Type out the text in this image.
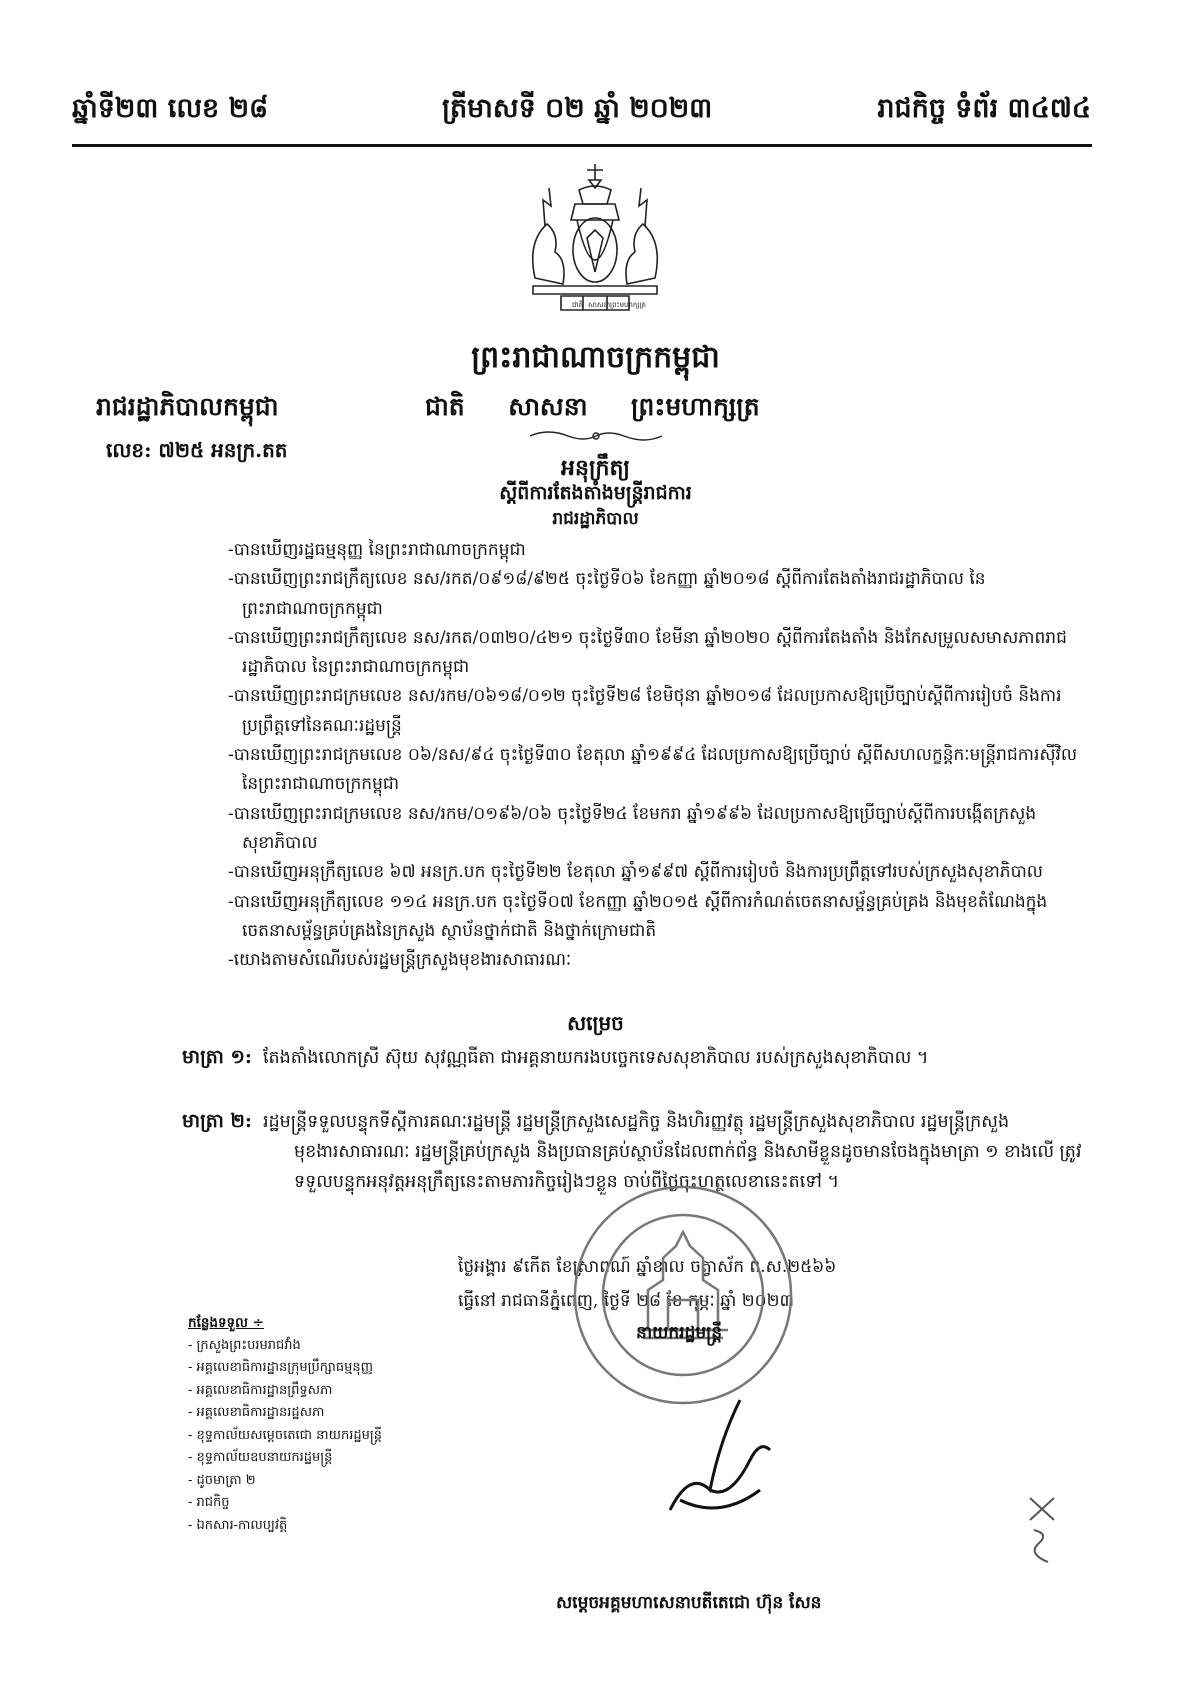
ឆ្នាំទី២៣ លេខ ២៨	ត្រីមាសទី ០២ ឆ្នាំ ២០២៣	រាជកិច្ច ទំព័រ ៣៤៧៤
ជាតិ សាសនា ព្រះមហាក្សត្រ
ព្រះរាជាណាចក្រកម្ពុជា
រាជរដ្ឋាភិបាលកម្ពុជា	ជាតិ     សាសនា     ព្រះមហាក្សត្រ
លេខ: ៧២៥ អនក្រ.តត
អនុក្រឹត្យ
ស្តីពីការតែងតាំងមន្ត្រីរាជការ
រាជរដ្ឋាភិបាល
-បានឃើញរដ្ឋធម្មនុញ្ញ នៃព្រះរាជាណាចក្រកម្ពុជា
-បានឃើញព្រះរាជក្រឹត្យលេខ នស/រកត/០៩១៨/៩២៥ ចុះថ្ងៃទី០៦ ខែកញ្ញា ឆ្នាំ២០១៨ ស្តីពីការតែងតាំងរាជរដ្ឋាភិបាល នៃព្រះរាជាណាចក្រកម្ពុជា
-បានឃើញព្រះរាជក្រឹត្យលេខ នស/រកត/០៣២០/៤២១ ចុះថ្ងៃទី៣០ ខែមីនា ឆ្នាំ២០២០ ស្តីពីការតែងតាំង និងកែសម្រួលសមាសភាពរាជរដ្ឋាភិបាល នៃព្រះរាជាណាចក្រកម្ពុជា
-បានឃើញព្រះរាជក្រមលេខ នស/រកម/០៦១៨/០១២ ចុះថ្ងៃទី២៨ ខែមិថុនា ឆ្នាំ២០១៨ ដែលប្រកាសឱ្យប្រើច្បាប់ស្តីពីការរៀបចំ និងការប្រព្រឹត្តទៅនៃគណៈរដ្ឋមន្ត្រី
-បានឃើញព្រះរាជក្រមលេខ ០៦/នស/៩៤ ចុះថ្ងៃទី៣០ ខែតុលា ឆ្នាំ១៩៩៤ ដែលប្រកាសឱ្យប្រើច្បាប់ ស្តីពីសហលក្ខន្តិកៈមន្ត្រីរាជការស៊ីវិល នៃព្រះរាជាណាចក្រកម្ពុជា
-បានឃើញព្រះរាជក្រមលេខ នស/រកម/០១៩៦/០៦ ចុះថ្ងៃទី២៤ ខែមករា ឆ្នាំ១៩៩៦ ដែលប្រកាសឱ្យប្រើច្បាប់ស្តីពីការបង្កើតក្រសួងសុខាភិបាល
-បានឃើញអនុក្រឹត្យលេខ ៦៧ អនក្រ.បក ចុះថ្ងៃទី២២ ខែតុលា ឆ្នាំ១៩៩៧ ស្តីពីការរៀបចំ និងការប្រព្រឹត្តទៅរបស់ក្រសួងសុខាភិបាល
-បានឃើញអនុក្រឹត្យលេខ ១១៤ អនក្រ.បក ចុះថ្ងៃទី០៧ ខែកញ្ញា ឆ្នាំ២០១៥ ស្តីពីការកំណត់ចេតនាសម្ព័ន្ធគ្រប់គ្រង និងមុខតំណែងក្នុងចេតនាសម្ព័ន្ធគ្រប់គ្រងនៃក្រសួង ស្ថាប័នថ្នាក់ជាតិ និងថ្នាក់ក្រោមជាតិ
-យោងតាមសំណើរបស់រដ្ឋមន្ត្រីក្រសួងមុខងារសាធារណៈ
សម្រេច
មាត្រា ១: តែងតាំងលោកស្រី ស៊ុយ សុវណ្ណធីតា ជាអគ្គនាយករងបច្ចេកទេសសុខាភិបាល របស់ក្រសួងសុខាភិបាល ។
មាត្រា ២: រដ្ឋមន្ត្រីទទួលបន្ទុកទីស្តីការគណៈរដ្ឋមន្ត្រី រដ្ឋមន្ត្រីក្រសួងសេដ្ឋកិច្ច និងហិរញ្ញវត្ថុ រដ្ឋមន្ត្រីក្រសួងសុខាភិបាល រដ្ឋមន្ត្រីក្រសួងមុខងារសាធារណៈ រដ្ឋមន្ត្រីគ្រប់ក្រសួង និងប្រធានគ្រប់ស្ថាប័នដែលពាក់ព័ន្ធ និងសាមីខ្លួនដូចមានចែងក្នុងមាត្រា ១ ខាងលើ ត្រូវទទួលបន្ទុកអនុវត្តអនុក្រឹត្យនេះតាមភារកិច្ចរៀងៗខ្លួន ចាប់ពីថ្ងៃចុះហត្ថលេខានេះតទៅ ។
ថ្ងៃអង្គារ ៩កើត ខែស្រាពណ៍ ឆ្នាំខាល ចត្វាស័ក ព.ស.២៥៦៦
ធ្វើនៅ រាជធានីភ្នំពេញ, ថ្ងៃទី ២៨ ខែ កុម្ភៈ ឆ្នាំ ២០២៣
នាយករដ្ឋមន្ត្រី
សម្តេចអគ្គមហាសេនាបតីតេជោ ហ៊ុន សែន
កន្លែងទទួល ÷
- ក្រសួងព្រះបរមរាជវាំង
- អគ្គលេខាធិការដ្ឋានក្រុមប្រឹក្សាធម្មនុញ្ញ
- អគ្គលេខាធិការដ្ឋានព្រឹទ្ធសភា
- អគ្គលេខាធិការដ្ឋានរដ្ឋសភា
- ខុទ្ទកាល័យសម្តេចតេជោ នាយករដ្ឋមន្ត្រី
- ខុទ្ទកាល័យឧបនាយករដ្ឋមន្ត្រី
- ដូចមាត្រា ២
- រាជកិច្ច
- ឯកសារ-កាលប្បវត្តិ
